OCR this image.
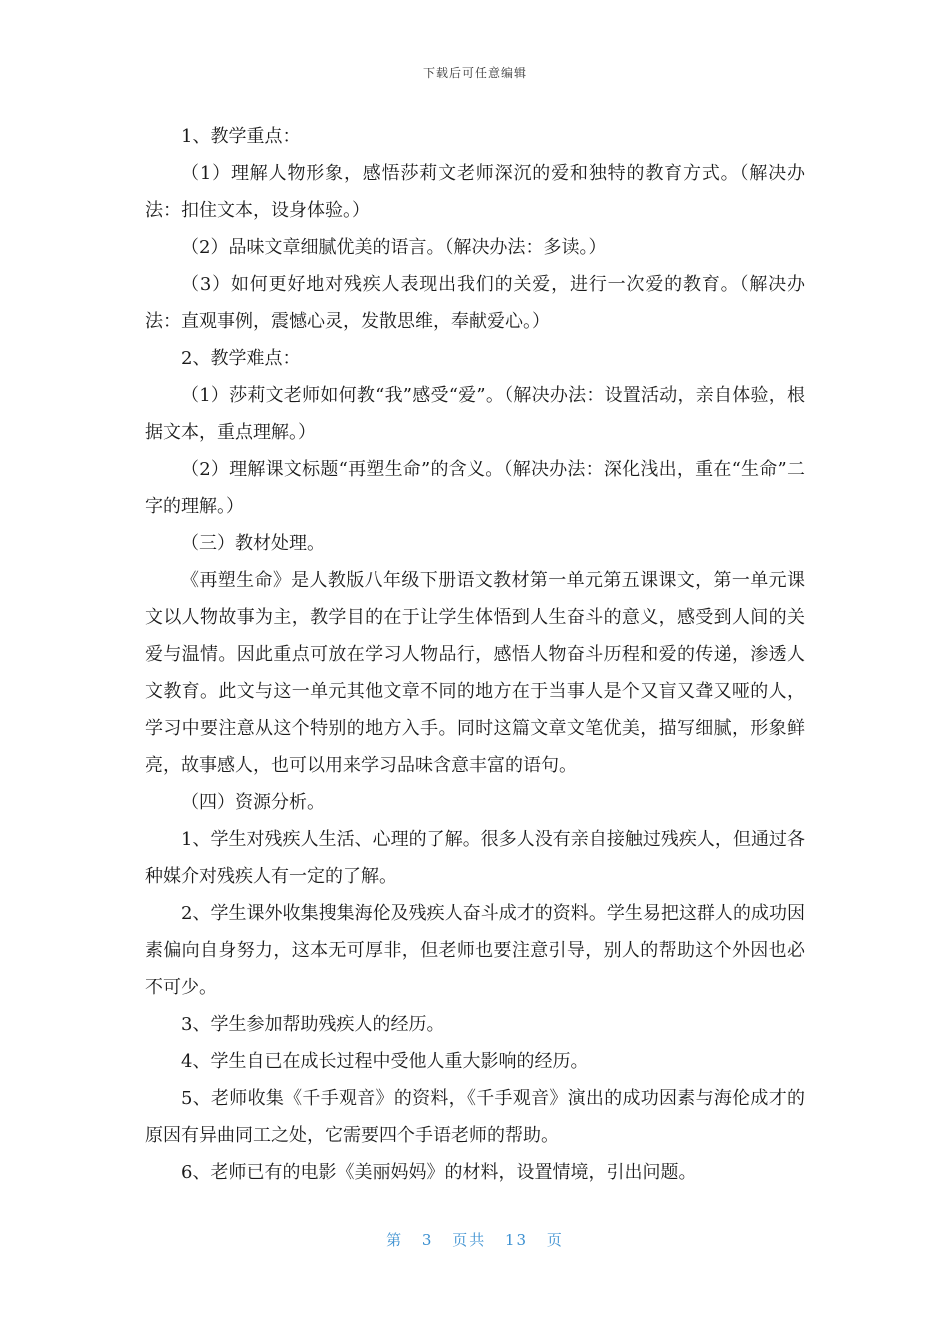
下载后可任意编辑

1、教学重点：

（1）理解人物形象，感悟莎莉文老师深沉的爱和独特的教育方式。（解决办法：扣住文本，设身体验。）

（2）品味文章细腻优美的语言。（解决办法：多读。）

（3）如何更好地对残疾人表现出我们的关爱，进行一次爱的教育。（解决办法：直观事例，震憾心灵，发散思维，奉献爱心。）

2、教学难点：

（1）莎莉文老师如何教“我”感受“爱”。（解决办法：设置活动，亲自体验，根据文本，重点理解。）

（2）理解课文标题“再塑生命”的含义。（解决办法：深化浅出，重在“生命”二字的理解。）

（三）教材处理。

《再塑生命》是人教版八年级下册语文教材第一单元第五课课文，第一单元课文以人物故事为主，教学目的在于让学生体悟到人生奋斗的意义，感受到人间的关爱与温情。因此重点可放在学习人物品行，感悟人物奋斗历程和爱的传递，渗透人文教育。此文与这一单元其他文章不同的地方在于当事人是个又盲又聋又哑的人，学习中要注意从这个特别的地方入手。同时这篇文章文笔优美，描写细腻，形象鲜亮，故事感人，也可以用来学习品味含意丰富的语句。

（四）资源分析。

1、学生对残疾人生活、心理的了解。很多人没有亲自接触过残疾人，但通过各种媒介对残疾人有一定的了解。

2、学生课外收集搜集海伦及残疾人奋斗成才的资料。学生易把这群人的成功因素偏向自身努力，这本无可厚非，但老师也要注意引导，别人的帮助这个外因也必不可少。

3、学生参加帮助残疾人的经历。

4、学生自已在成长过程中受他人重大影响的经历。

5、老师收集《千手观音》的资料，《千手观音》演出的成功因素与海伦成才的原因有异曲同工之处，它需要四个手语老师的帮助。

6、老师已有的电影《美丽妈妈》的材料，设置情境，引出问题。

第 3 页共 13 页
